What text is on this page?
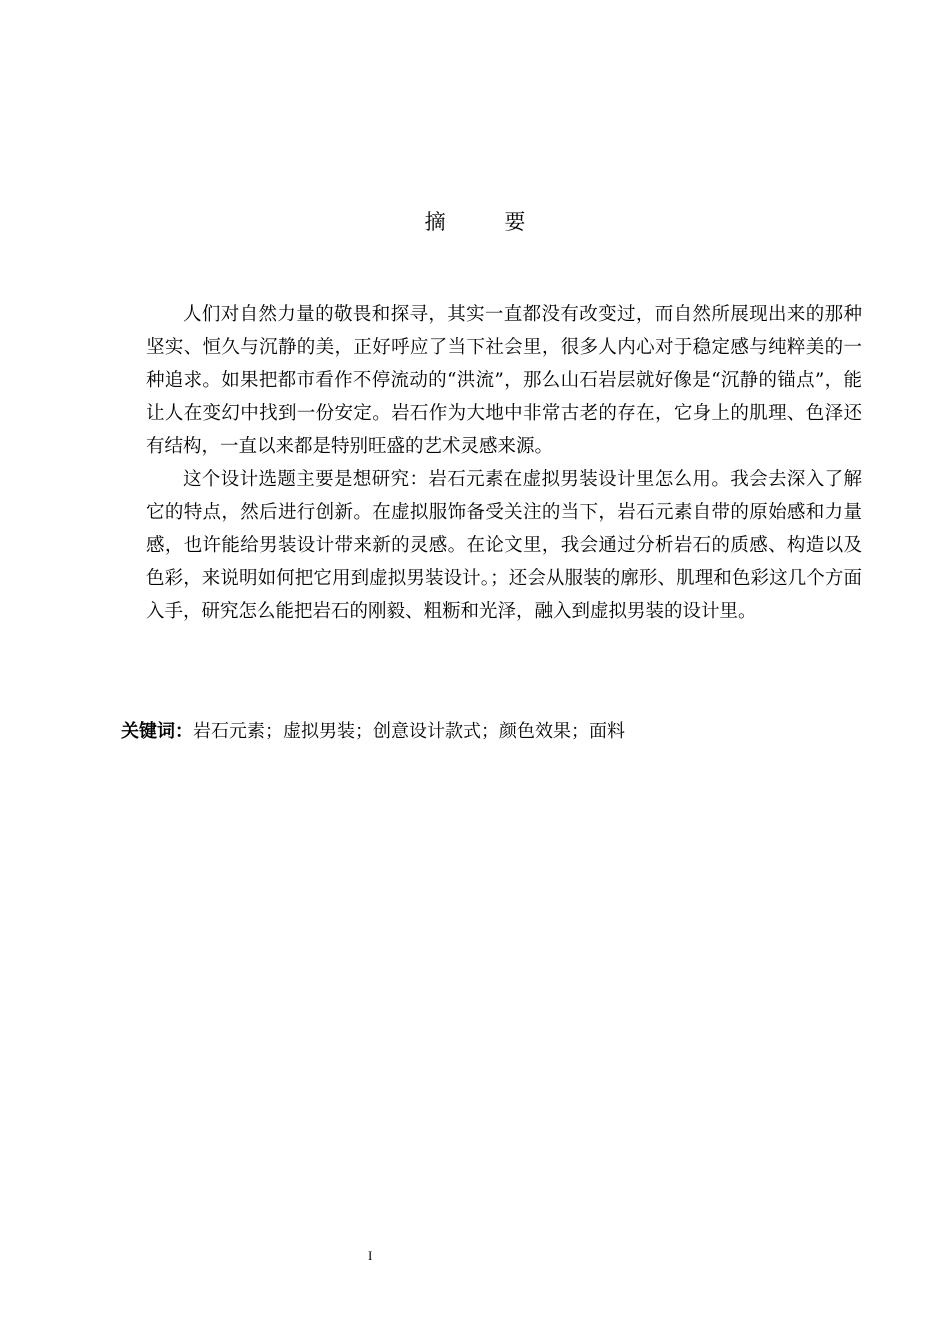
摘 要

人们对自然力量的敬畏和探寻，其实一直都没有改变过，而自然所展现出来的那种坚实、恒久与沉静的美，正好呼应了当下社会里，很多人内心对于稳定感与纯粹美的一种追求。如果把都市看作不停流动的“洪流”，那么山石岩层就好像是“沉静的锚点”，能让人在变幻中找到一份安定。岩石作为大地中非常古老的存在，它身上的肌理、色泽还有结构，一直以来都是特别旺盛的艺术灵感来源。

这个设计选题主要是想研究：岩石元素在虚拟男装设计里怎么用。我会去深入了解它的特点，然后进行创新。在虚拟服饰备受关注的当下，岩石元素自带的原始感和力量感，也许能给男装设计带来新的灵感。在论文里，我会通过分析岩石的质感、构造以及色彩，来说明如何把它用到虚拟男装设计。；还会从服装的廓形、肌理和色彩这几个方面入手，研究怎么能把岩石的刚毅、粗粝和光泽，融入到虚拟男装的设计里。

关键词：岩石元素；虚拟男装；创意设计款式；颜色效果；面料
I
